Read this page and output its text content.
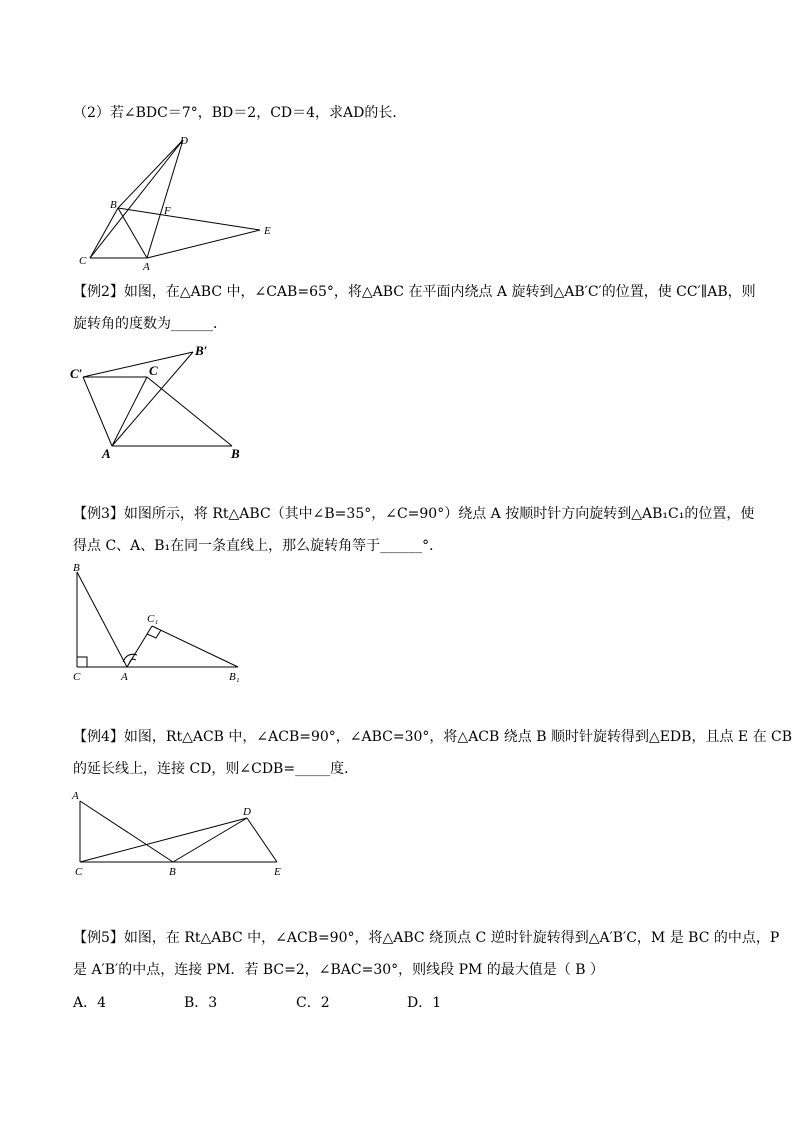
（2）若∠BDC＝7°，BD＝2，CD＝4，求AD的长．
D
B	F
E
C	A
【例2】如图，在△ABC 中，∠CAB=65°，将△ABC 在平面内绕点 A 旋转到△AB′C′的位置，使 CC′∥AB，则
旋转角的度数为______．
C′	C
B′
A	B
【例3】如图所示，将 Rt△ABC（其中∠B=35°，∠C=90°）绕点 A 按顺时针方向旋转到△AB₁C₁的位置，使
得点 C、A、B₁在同一条直线上，那么旋转角等于______°．
B
C₁
C	A	B₁
【例4】如图，Rt△ACB 中，∠ACB=90°，∠ABC=30°，将△ACB 绕点 B 顺时针旋转得到△EDB，且点 E 在 CB
的延长线上，连接 CD，则∠CDB=_____度．
A
D
C	B	E
【例5】如图，在 Rt△ABC 中，∠ACB=90°，将△ABC 绕顶点 C 逆时针旋转得到△A′B′C，M 是 BC 的中点，P
是 A′B′的中点，连接 PM．若 BC=2，∠BAC=30°，则线段 PM 的最大值是（ B ）
A．4	B．3	C．2	D．1
